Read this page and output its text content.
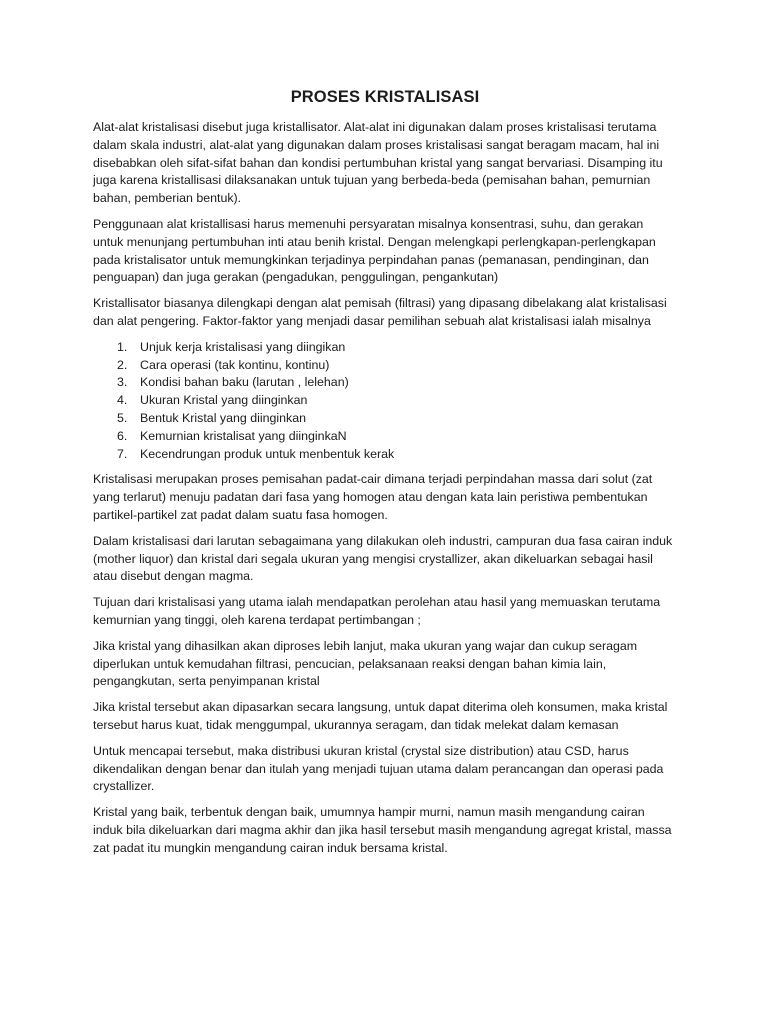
PROSES KRISTALISASI

Alat-alat kristalisasi disebut juga kristallisator. Alat-alat ini digunakan dalam proses kristalisasi terutama dalam skala industri, alat-alat yang digunakan dalam proses kristalisasi sangat beragam macam, hal ini disebabkan oleh sifat-sifat bahan dan kondisi pertumbuhan kristal yang sangat bervariasi. Disamping itu juga karena kristallisasi dilaksanakan untuk tujuan yang berbeda-beda (pemisahan bahan, pemurnian bahan, pemberian bentuk).

Penggunaan alat kristallisasi harus memenuhi persyaratan misalnya konsentrasi, suhu, dan gerakan untuk menunjang pertumbuhan inti atau benih kristal. Dengan melengkapi perlengkapan-perlengkapan pada kristalisator untuk memungkinkan terjadinya perpindahan panas (pemanasan, pendinginan, dan penguapan) dan juga gerakan (pengadukan, penggulingan, pengankutan)

Kristallisator biasanya dilengkapi dengan alat pemisah (filtrasi) yang dipasang dibelakang alat kristalisasi dan alat pengering. Faktor-faktor yang menjadi dasar pemilihan sebuah alat kristalisasi ialah misalnya

1.	Unjuk kerja kristalisasi yang diingikan
2.	Cara operasi (tak kontinu, kontinu)
3.	Kondisi bahan baku (larutan , lelehan)
4.	Ukuran Kristal yang diinginkan
5.	Bentuk Kristal yang diinginkan
6.	Kemurnian kristalisat yang diinginkaN
7.	Kecendrungan produk untuk menbentuk kerak

Kristalisasi merupakan proses pemisahan padat-cair dimana terjadi perpindahan massa dari solut (zat yang terlarut) menuju padatan dari fasa yang homogen atau dengan kata lain peristiwa pembentukan partikel-partikel zat padat dalam suatu fasa homogen.

Dalam kristalisasi dari larutan sebagaimana yang dilakukan oleh industri, campuran dua fasa cairan induk (mother liquor) dan kristal dari segala ukuran yang mengisi crystallizer, akan dikeluarkan sebagai hasil atau disebut dengan magma.

Tujuan dari kristalisasi yang utama ialah mendapatkan perolehan atau hasil yang memuaskan terutama kemurnian yang tinggi, oleh karena terdapat pertimbangan ;

Jika kristal yang dihasilkan akan diproses lebih lanjut, maka ukuran yang wajar dan cukup seragam diperlukan untuk kemudahan filtrasi, pencucian, pelaksanaan reaksi dengan bahan kimia lain, pengangkutan, serta penyimpanan kristal

Jika kristal tersebut akan dipasarkan secara langsung, untuk dapat diterima oleh konsumen, maka kristal tersebut harus kuat, tidak menggumpal, ukurannya seragam, dan tidak melekat dalam kemasan

Untuk mencapai tersebut, maka distribusi ukuran kristal (crystal size distribution) atau CSD, harus dikendalikan dengan benar dan itulah yang menjadi tujuan utama dalam perancangan dan operasi pada crystallizer.

Kristal yang baik, terbentuk dengan baik, umumnya hampir murni, namun masih mengandung cairan induk bila dikeluarkan dari magma akhir dan jika hasil tersebut masih mengandung agregat kristal, massa zat padat itu mungkin mengandung cairan induk bersama kristal.
